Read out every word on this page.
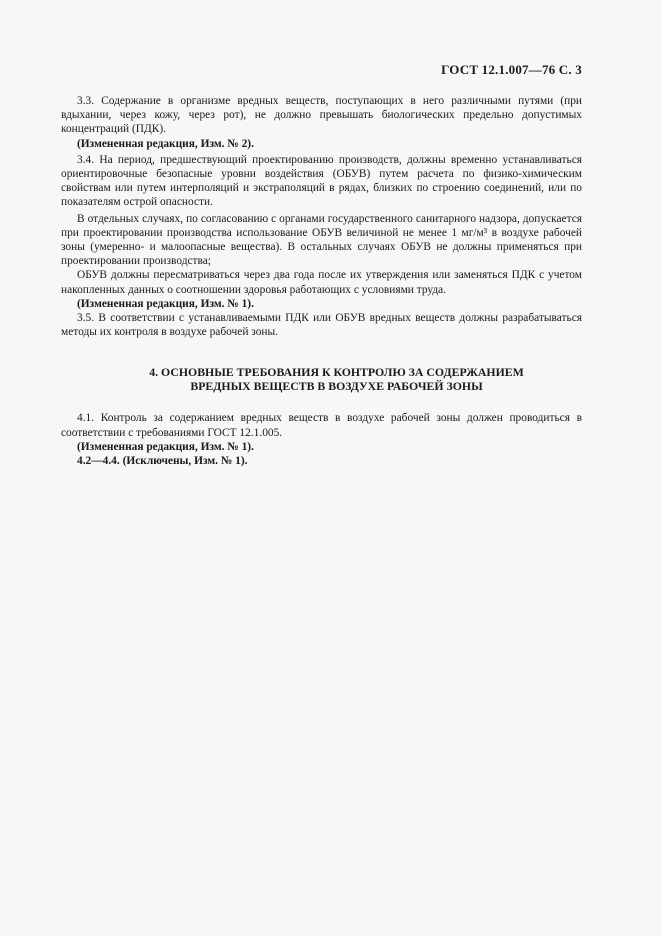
ГОСТ 12.1.007—76 С. 3

3.3. Содержание в организме вредных веществ, поступающих в него различными путями (при вдыхании, через кожу, через рот), не должно превышать биологических предельно допустимых концентраций (ПДК).

(Измененная редакция, Изм. № 2).

3.4. На период, предшествующий проектированию производств, должны временно устанавливаться ориентировочные безопасные уровни воздействия (ОБУВ) путем расчета по физико-химическим свойствам или путем интерполяций и экстраполяций в рядах, близких по строению соединений, или по показателям острой опасности.

В отдельных случаях, по согласованию с органами государственного санитарного надзора, допускается при проектировании производства использование ОБУВ величиной не менее 1 мг/м³ в воздухе рабочей зоны (умеренно- и малоопасные вещества). В остальных случаях ОБУВ не должны применяться при проектировании производства;

ОБУВ должны пересматриваться через два года после их утверждения или заменяться ПДК с учетом накопленных данных о соотношении здоровья работающих с условиями труда.

(Измененная редакция, Изм. № 1).

3.5. В соответствии с устанавливаемыми ПДК или ОБУВ вредных веществ должны разрабатываться методы их контроля в воздухе рабочей зоны.

4. ОСНОВНЫЕ ТРЕБОВАНИЯ К КОНТРОЛЮ ЗА СОДЕРЖАНИЕМ
ВРЕДНЫХ ВЕЩЕСТВ В ВОЗДУХЕ РАБОЧЕЙ ЗОНЫ

4.1. Контроль за содержанием вредных веществ в воздухе рабочей зоны должен проводиться в соответствии с требованиями ГОСТ 12.1.005.

(Измененная редакция, Изм. № 1).

4.2—4.4. (Исключены, Изм. № 1).
